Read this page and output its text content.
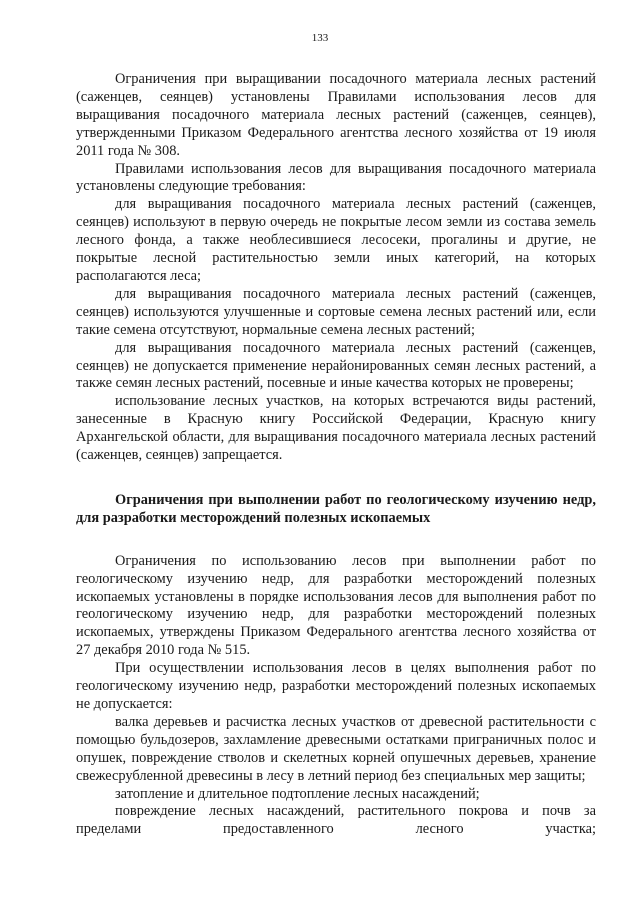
133

Ограничения при выращивании посадочного материала лесных растений (саженцев, сеянцев) установлены Правилами использования лесов для выращивания посадочного материала лесных растений (саженцев, сеянцев), утвержденными Приказом Федерального агентства лесного хозяйства от 19 июля 2011 года № 308.

Правилами использования лесов для выращивания посадочного материала установлены следующие требования:

для выращивания посадочного материала лесных растений (саженцев, сеянцев) используют в первую очередь не покрытые лесом земли из состава земель лесного фонда, а также необлесившиеся лесосеки, прогалины и другие, не покрытые лесной растительностью земли иных категорий, на которых располагаются леса;

для выращивания посадочного материала лесных растений (саженцев, сеянцев) используются улучшенные и сортовые семена лесных растений или, если такие семена отсутствуют, нормальные семена лесных растений;

для выращивания посадочного материала лесных растений (саженцев, сеянцев) не допускается применение нерайонированных семян лесных растений, а также семян лесных растений, посевные и иные качества которых не проверены;

использование лесных участков, на которых встречаются виды растений, занесенные в Красную книгу Российской Федерации, Красную книгу Архангельской области, для выращивания посадочного материала лесных растений (саженцев, сеянцев) запрещается.

Ограничения при выполнении работ по геологическому изучению недр, для разработки месторождений полезных ископаемых

Ограничения по использованию лесов при выполнении работ по геологическому изучению недр, для разработки месторождений полезных ископаемых установлены в порядке использования лесов для выполнения работ по геологическому изучению недр, для разработки месторождений полезных ископаемых, утверждены Приказом Федерального агентства лесного хозяйства от 27 декабря 2010 года № 515.

При осуществлении использования лесов в целях выполнения работ по геологическому изучению недр, разработки месторождений полезных ископаемых не допускается:

валка деревьев и расчистка лесных участков от древесной растительности с помощью бульдозеров, захламление древесными остатками приграничных полос и опушек, повреждение стволов и скелетных корней опушечных деревьев, хранение свежесрубленной древесины в лесу в летний период без специальных мер защиты;

затопление и длительное подтопление лесных насаждений;

повреждение лесных насаждений, растительного покрова и почв за пределами предоставленного лесного участка;
